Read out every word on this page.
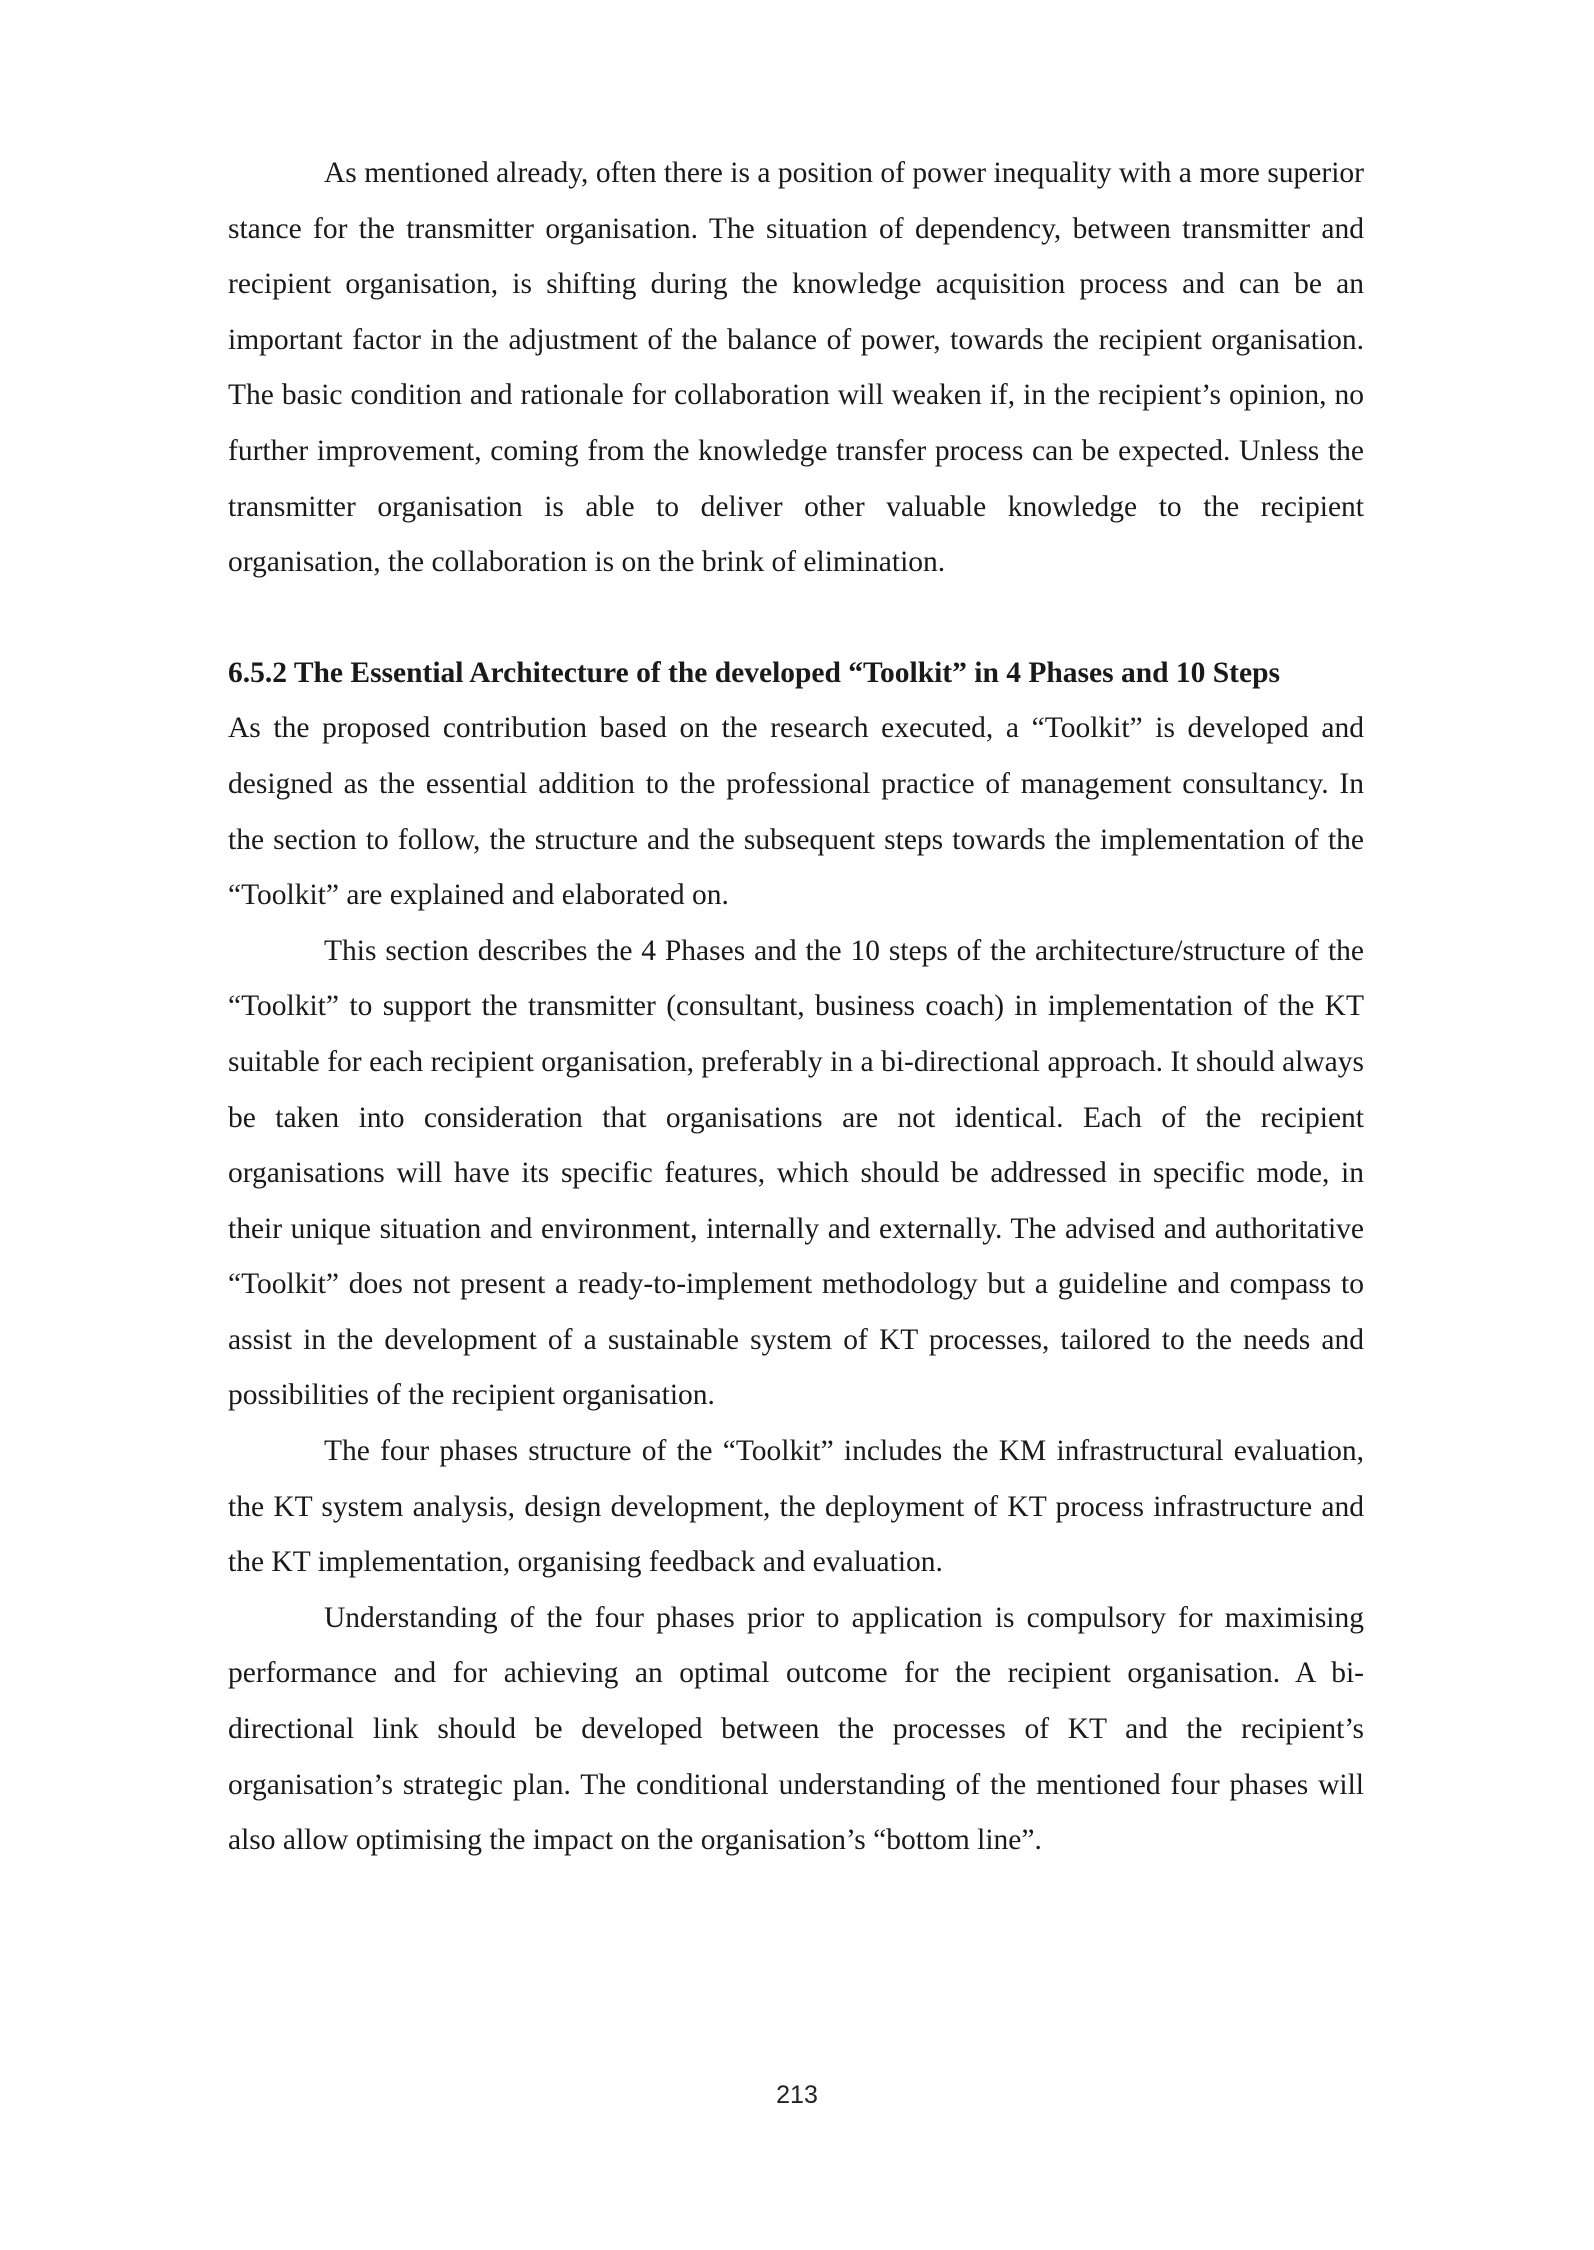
As mentioned already, often there is a position of power inequality with a more superior stance for the transmitter organisation. The situation of dependency, between transmitter and recipient organisation, is shifting during the knowledge acquisition process and can be an important factor in the adjustment of the balance of power, towards the recipient organisation. The basic condition and rationale for collaboration will weaken if, in the recipient’s opinion, no further improvement, coming from the knowledge transfer process can be expected. Unless the transmitter organisation is able to deliver other valuable knowledge to the recipient organisation, the collaboration is on the brink of elimination.

6.5.2 The Essential Architecture of the developed “Toolkit” in 4 Phases and 10 Steps

As the proposed contribution based on the research executed, a “Toolkit” is developed and designed as the essential addition to the professional practice of management consultancy. In the section to follow, the structure and the subsequent steps towards the implementation of the “Toolkit” are explained and elaborated on.

This section describes the 4 Phases and the 10 steps of the architecture/structure of the “Toolkit” to support the transmitter (consultant, business coach) in implementation of the KT suitable for each recipient organisation, preferably in a bi-directional approach. It should always be taken into consideration that organisations are not identical. Each of the recipient organisations will have its specific features, which should be addressed in specific mode, in their unique situation and environment, internally and externally. The advised and authoritative “Toolkit” does not present a ready-to-implement methodology but a guideline and compass to assist in the development of a sustainable system of KT processes, tailored to the needs and possibilities of the recipient organisation.

The four phases structure of the “Toolkit” includes the KM infrastructural evaluation, the KT system analysis, design development, the deployment of KT process infrastructure and the KT implementation, organising feedback and evaluation.

Understanding of the four phases prior to application is compulsory for maximising performance and for achieving an optimal outcome for the recipient organisation. A bi-directional link should be developed between the processes of KT and the recipient’s organisation’s strategic plan. The conditional understanding of the mentioned four phases will also allow optimising the impact on the organisation’s “bottom line”.

213
